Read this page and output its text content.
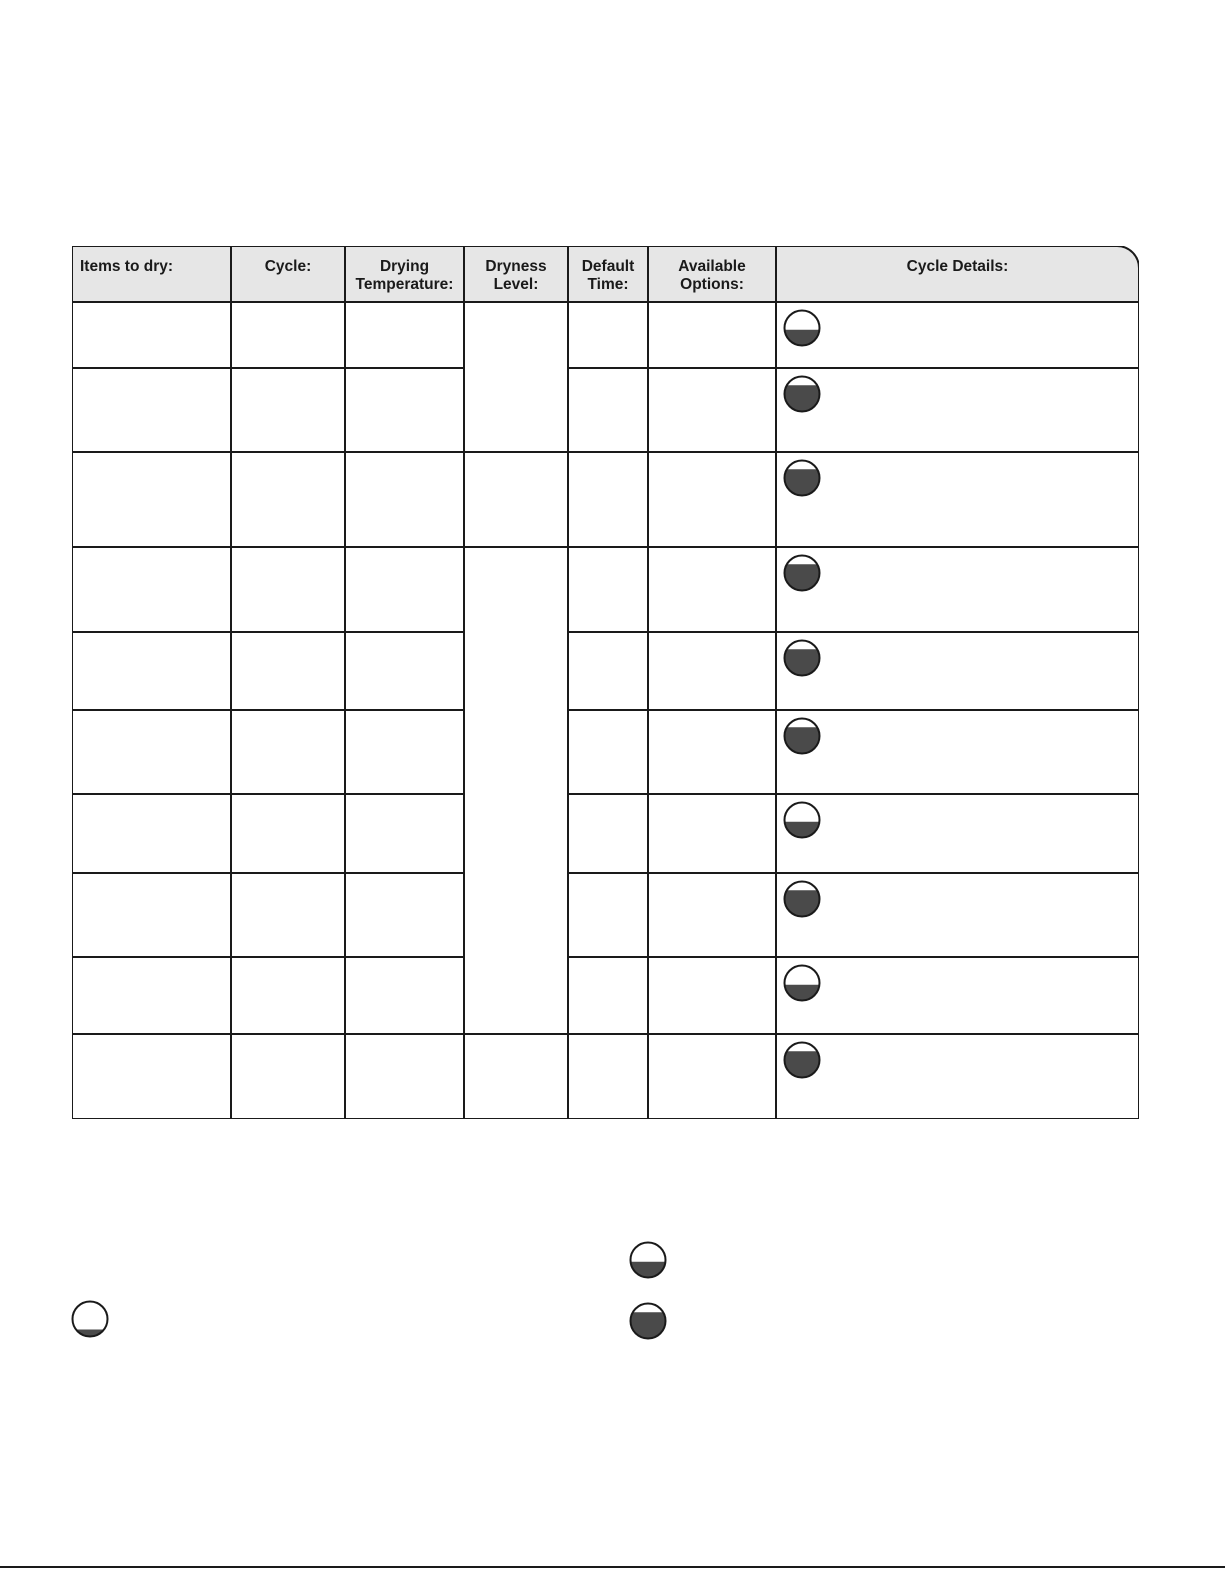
Items to dry:	Cycle:	Drying
Temperature:
Dryness
Level:
Default
Time:
Available
Options:
Cycle Details:
